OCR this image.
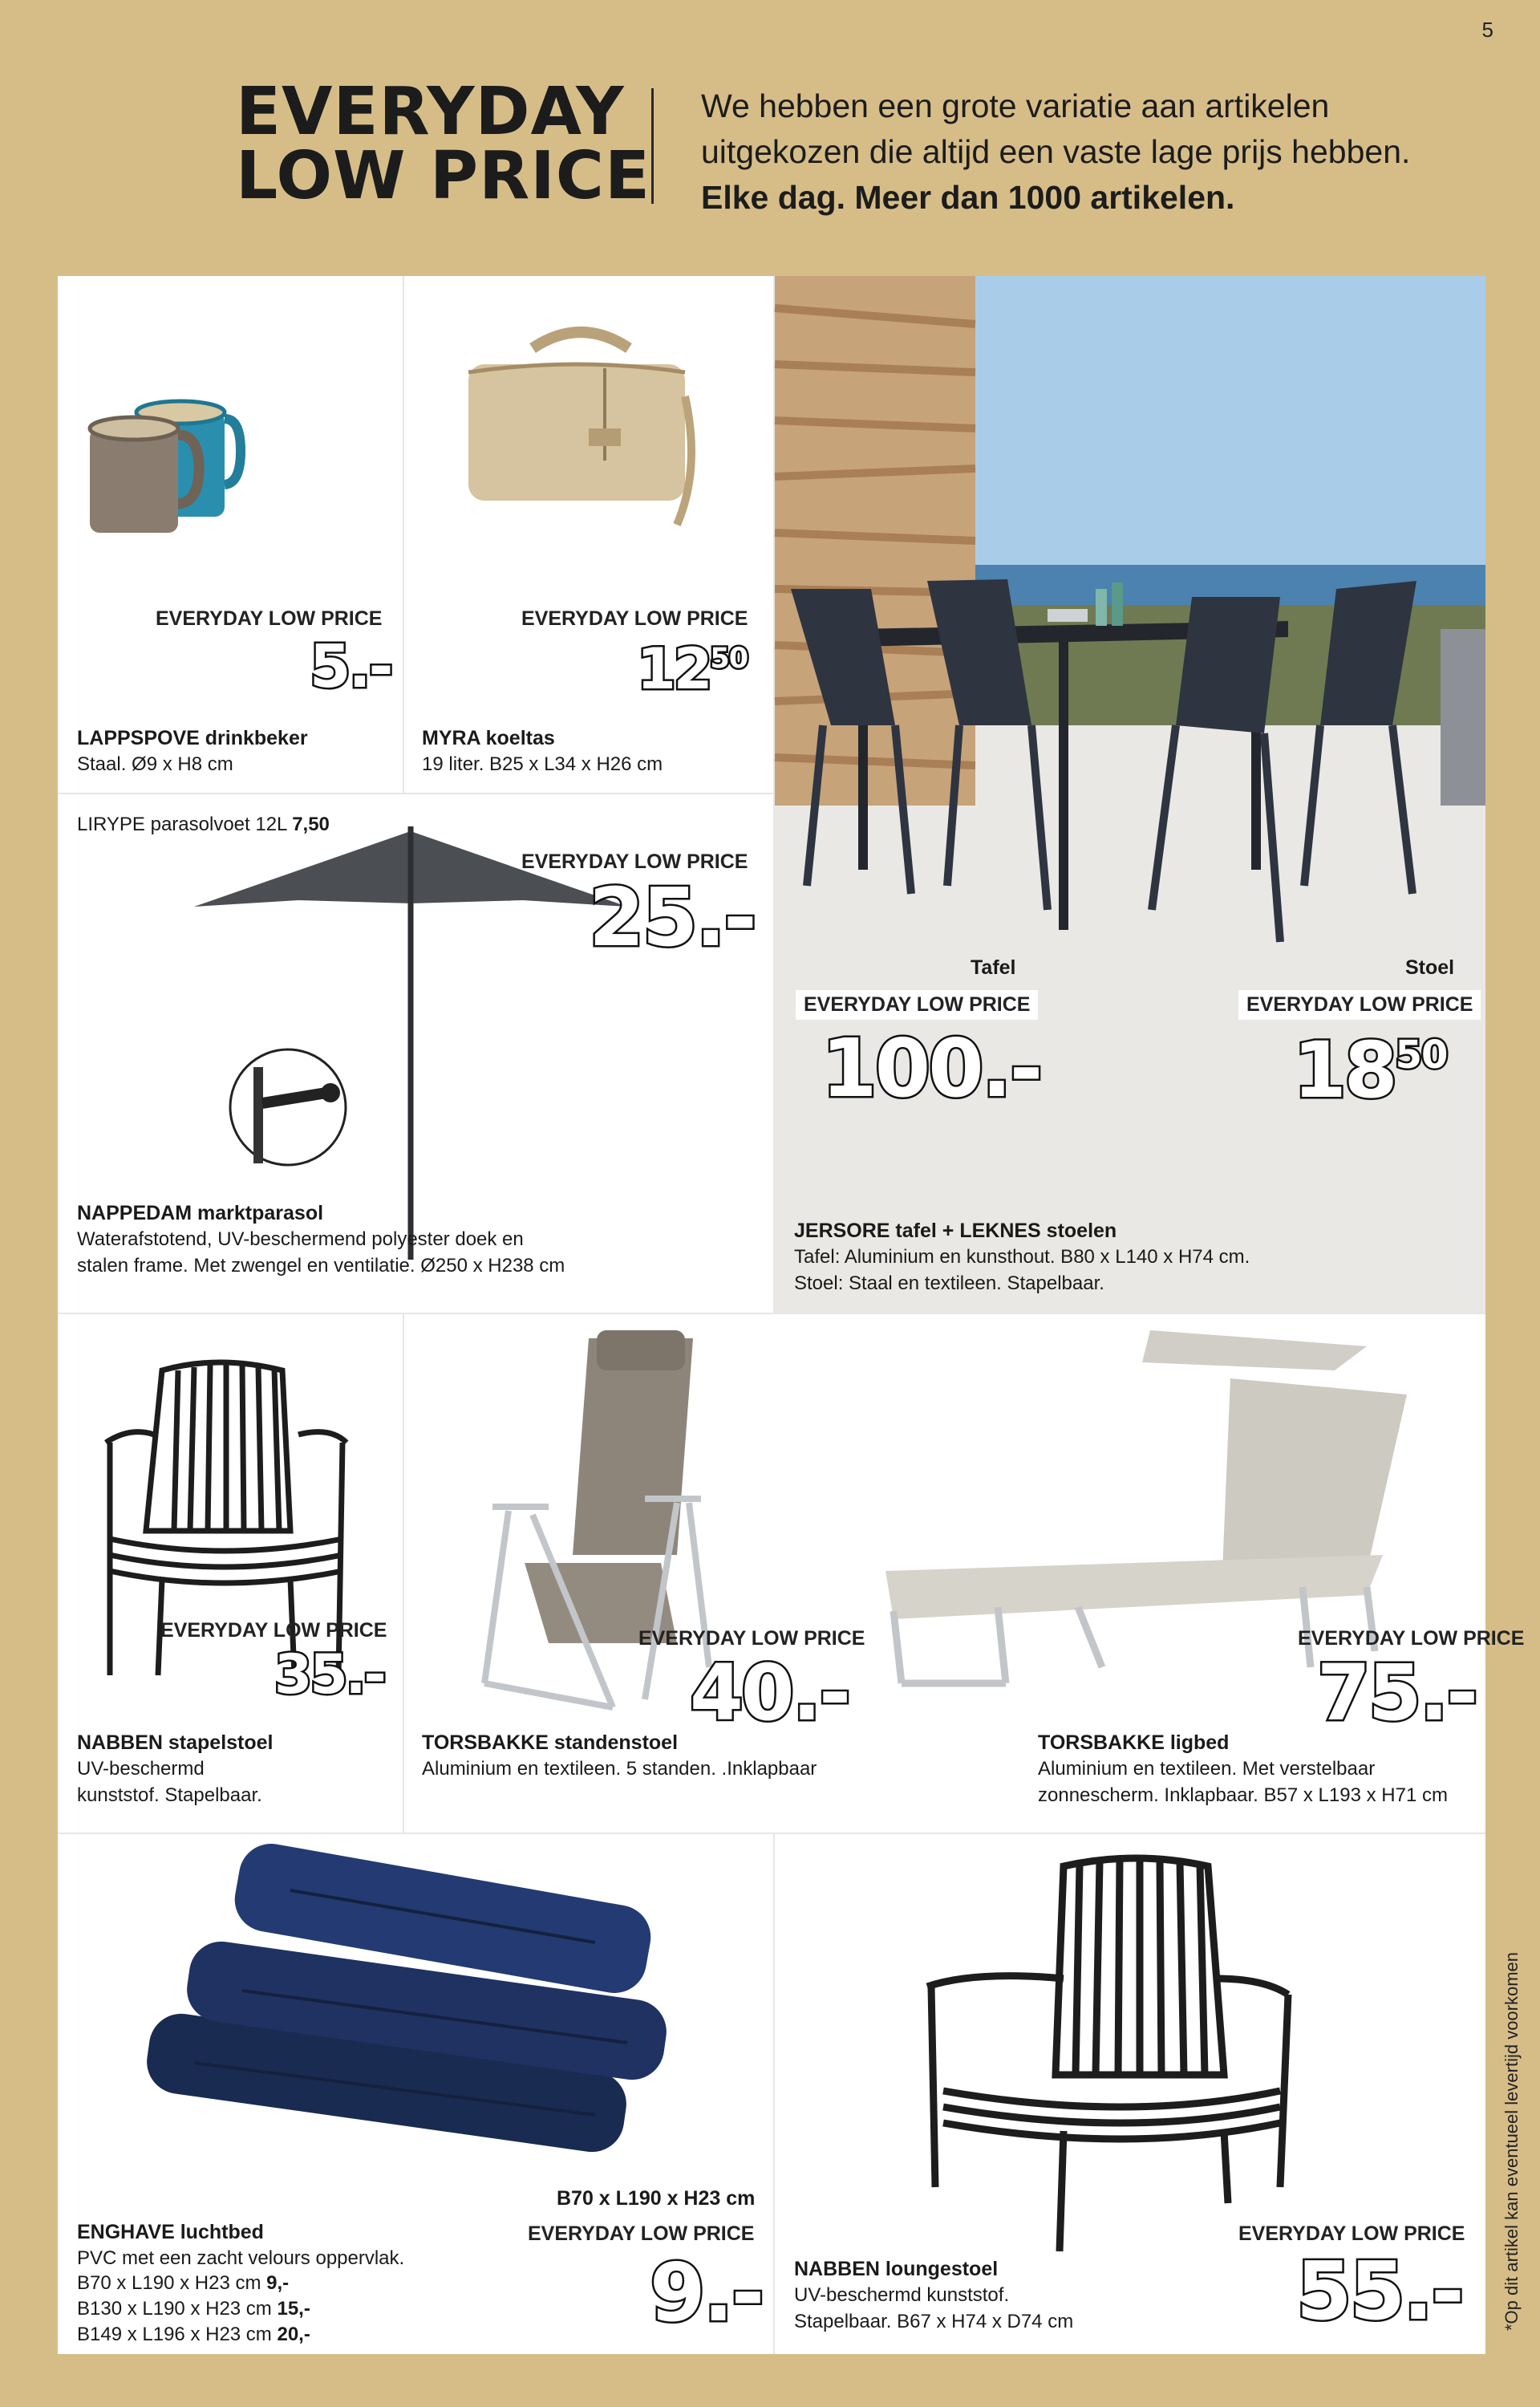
5
EVERYDAY
LOW PRICE
We hebben een grote variatie aan artikelen
uitgekozen die altijd een vaste lage prijs hebben.
Elke dag. Meer dan 1000 artikelen.
EVERYDAY LOW PRICE
5.-
LAPPSPOVE drinkbeker
Staal. Ø9 x H8 cm
EVERYDAY LOW PRICE
$12^{50}$
MYRA koeltas
19 liter. B25 x L34 x H26 cm
Tafel	Stoel
EVERYDAY LOW PRICE	EVERYDAY LOW PRICE
100.-	$18^{50}$
JERSORE tafel + LEKNES stoelen
Tafel: Aluminium en kunsthout. B80 x L140 x H74 cm.
Stoel: Staal en textileen. Stapelbaar.
LIRYPE parasolvoet 12L 7,50
EVERYDAY LOW PRICE
25.-
NAPPEDAM marktparasol
Waterafstotend, UV-beschermend polyester doek en
stalen frame. Met zwengel en ventilatie. Ø250 x H238 cm
EVERYDAY LOW PRICE
35.-
NABBEN stapelstoel
UV-beschermd
kunststof. Stapelbaar.
EVERYDAY LOW PRICE
40.-
TORSBAKKE standenstoel
Aluminium en textileen. 5 standen. .Inklapbaar
EVERYDAY LOW PRICE
75.-
TORSBAKKE ligbed
Aluminium en textileen. Met verstelbaar
zonnescherm. Inklapbaar. B57 x L193 x H71 cm
B70 x L190 x H23 cm
EVERYDAY LOW PRICE
9.-
ENGHAVE luchtbed
PVC met een zacht velours oppervlak.
B70 x L190 x H23 cm 9,-
B130 x L190 x H23 cm 15,-
B149 x L196 x H23 cm 20,-
EVERYDAY LOW PRICE
55.-
NABBEN loungestoel
UV-beschermd kunststof.
Stapelbaar. B67 x H74 x D74 cm	*Op dit artikel kan eventueel levertijd voorkomen
